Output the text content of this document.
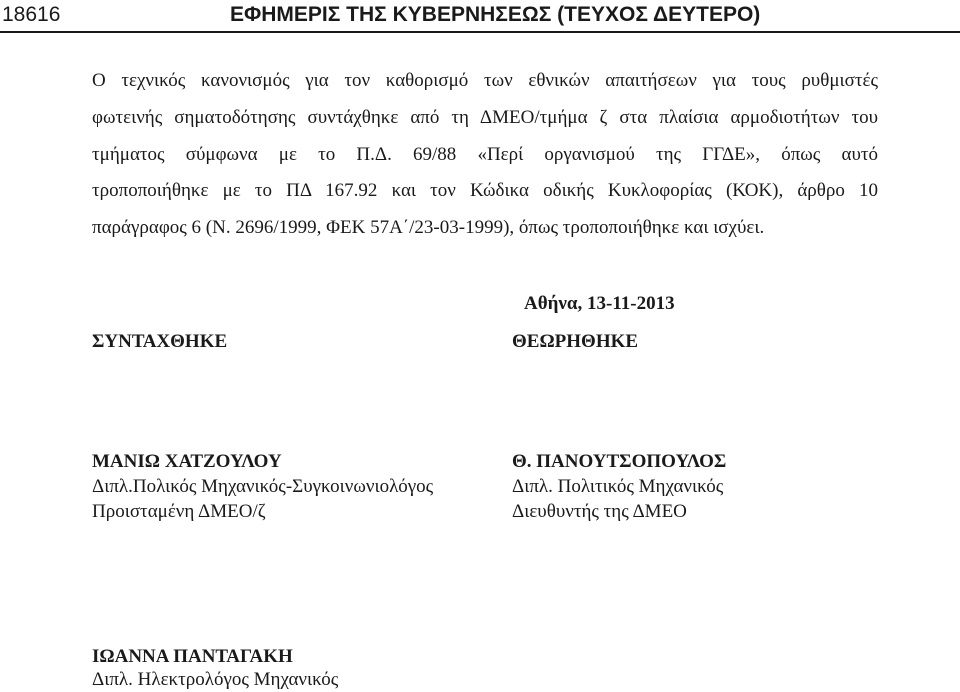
18616	ΕΦΗΜΕΡΙΣ ΤΗΣ ΚΥΒΕΡΝΗΣΕΩΣ (ΤΕΥΧΟΣ ΔΕΥΤΕΡΟ)
Ο τεχνικός κανονισμός για τον καθορισμό των εθνικών απαιτήσεων για τους ρυθμιστές
φωτεινής σηματοδότησης συντάχθηκε από τη ΔΜΕΟ/τμήμα ζ στα πλαίσια αρμοδιοτήτων του
τμήματος σύμφωνα με το Π.Δ. 69/88 «Περί οργανισμού της ΓΓΔΕ», όπως αυτό
τροποποιήθηκε με το ΠΔ 167.92 και τον Κώδικα οδικής Κυκλοφορίας (ΚΟΚ), άρθρο 10
παράγραφος 6 (Ν. 2696/1999, ΦΕΚ 57Α΄/23-03-1999), όπως τροποποιήθηκε και ισχύει.
Αθήνα, 13-11-2013
ΣΥΝΤΑΧΘΗΚΕ	ΘΕΩΡΗΘΗΚΕ
ΜΑΝΙΩ ΧΑΤΖΟΥΛΟΥ
Διπλ.Πολικός Μηχανικός-Συγκοινωνιολόγος
Προισταμένη ΔΜΕΟ/ζ
Θ. ΠΑΝΟΥΤΣΟΠΟΥΛΟΣ
Διπλ. Πολιτικός Μηχανικός
Διευθυντής της ΔΜΕΟ
ΙΩΑΝΝΑ ΠΑΝΤΑΓΑΚΗ
Διπλ. Ηλεκτρολόγος Μηχανικός
